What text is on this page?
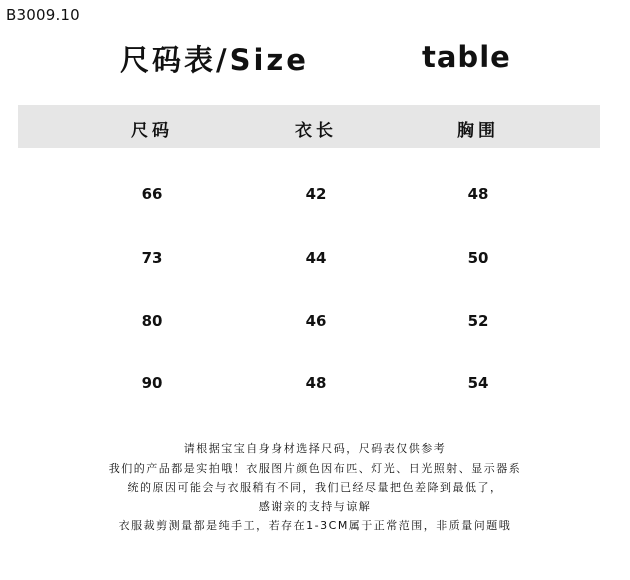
B3009.10
尺码表/Size	table
尺码	衣长	胸围
66	42	48
73	44	50
80	46	52
90	48	54
请根据宝宝自身身材选择尺码，尺码表仅供参考
我们的产品都是实拍哦！衣服图片颜色因布匹、灯光、日光照射、显示器系
统的原因可能会与衣服稍有不同，我们已经尽量把色差降到最低了，
感谢亲的支持与谅解
衣服裁剪测量都是纯手工，若存在1-3CM属于正常范围，非质量问题哦
